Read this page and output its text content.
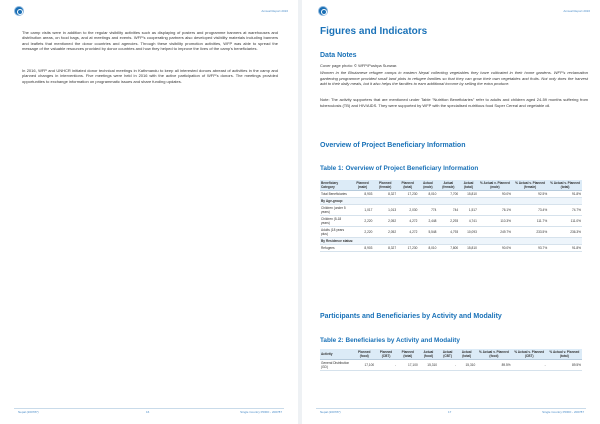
Annual Report 2016

The camp visits were in addition to the regular visibility activities such as displaying of posters and programme banners at warehouses and distribution areas, on food bags, and at meetings and events. WFP's cooperating partners also developed visibility materials including banners and leaflets that mentioned the donor countries and agencies. Through these visibility promotion activities, WFP was able to spread the message of the valuable resources provided by donor countries and how they helped to improve the lives of the camp's beneficiaries.

In 2016, WFP and UNHCR initiated donor technical meetings in Kathmandu to keep all interested donors abreast of activities in the camp and planned changes in interventions. Five meetings were held in 2016 with the active participation of WFP's donors. The meetings provided opportunities to exchange information on programmatic issues and share funding updates.

Nepal (200787)	16	Single Country PRRO - 200787
Annual Report 2016
Figures and Indicators
Data Notes

Cover page photo: © WFP/Pushpa Sunwar.

Women in the Bhutanese refugee camps in eastern Nepal collecting vegetables they have cultivated in their home gardens. WFP's reclamation gardening programme provided small land plots to refugee families so that they can grow their own vegetables and fruits. Not only does the harvest add to their daily meals, but it also helps the families to earn additional income by selling the extra produce.

Note: The activity supporters that are mentioned under Table "Nutrition Beneficiaries" refer to adults and children aged 24-59 months suffering from tuberculosis (TB) and HIV/AIDS. They were supported by WFP with the specialised nutritious food Super Cereal and vegetable oil.

Overview of Project Beneficiary Information
Table 1: Overview of Project Beneficiary Information
Beneficiary Category	Planned (male)	Planned (female)	Planned (total)	Actual (male)	Actual (female)	Actual (total)	% Actual v. Planned (male)	% Actual v. Planned (female)	% Actual v. Planned (total)
Total Beneficiaries	8,903	8,327	17,230	8,010	7,700	15,810	90.0%	92.5%	91.8%
By Age-group:									
Children (under 5 years)	1,017	1,013	2,030	774	744	1,517	76.1%	73.4%	74.7%
Children (5-18 years)	2,220	2,052	4,272	2,448	2,293	4,741	110.3%	111.7%	111.0%
Adults (18 years plus)	2,220	2,052	4,272	5,548	4,793	10,093	249.7%	233.5%	236.3%
By Residence status:									
Refugees	8,903	8,327	17,230	8,010	7,800	15,810	90.0%	93.7%	91.8%
Participants and Beneficiaries by Activity and Modality
Table 2: Beneficiaries by Activity and Modality
Activity	Planned (food)	Planned (CBT)	Planned (total)	Actual (food)	Actual (CBT)	Actual (total)	% Actual v. Planned (food)	% Actual v. Planned (CBT)	% Actual v. Planned (total)
General Distribution (GD)	17,100	-	17,100	15,310	-	15,310	89.5%	-	89.5%
Nepal (200787)	17	Single Country PRRO - 200787
